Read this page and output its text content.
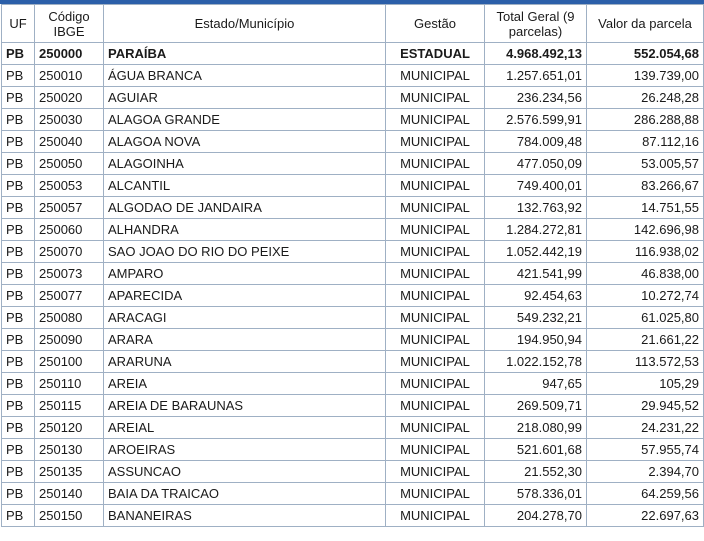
UF	Código IBGE	Estado/Município	Gestão	Total Geral (9 parcelas)	Valor da parcela
PB	250000	PARAÍBA	ESTADUAL	4.968.492,13	552.054,68
PB	250010	ÁGUA BRANCA	MUNICIPAL	1.257.651,01	139.739,00
PB	250020	AGUIAR	MUNICIPAL	236.234,56	26.248,28
PB	250030	ALAGOA GRANDE	MUNICIPAL	2.576.599,91	286.288,88
PB	250040	ALAGOA NOVA	MUNICIPAL	784.009,48	87.112,16
PB	250050	ALAGOINHA	MUNICIPAL	477.050,09	53.005,57
PB	250053	ALCANTIL	MUNICIPAL	749.400,01	83.266,67
PB	250057	ALGODAO DE JANDAIRA	MUNICIPAL	132.763,92	14.751,55
PB	250060	ALHANDRA	MUNICIPAL	1.284.272,81	142.696,98
PB	250070	SAO JOAO DO RIO DO PEIXE	MUNICIPAL	1.052.442,19	116.938,02
PB	250073	AMPARO	MUNICIPAL	421.541,99	46.838,00
PB	250077	APARECIDA	MUNICIPAL	92.454,63	10.272,74
PB	250080	ARACAGI	MUNICIPAL	549.232,21	61.025,80
PB	250090	ARARA	MUNICIPAL	194.950,94	21.661,22
PB	250100	ARARUNA	MUNICIPAL	1.022.152,78	113.572,53
PB	250110	AREIA	MUNICIPAL	947,65	105,29
PB	250115	AREIA DE BARAUNAS	MUNICIPAL	269.509,71	29.945,52
PB	250120	AREIAL	MUNICIPAL	218.080,99	24.231,22
PB	250130	AROEIRAS	MUNICIPAL	521.601,68	57.955,74
PB	250135	ASSUNCAO	MUNICIPAL	21.552,30	2.394,70
PB	250140	BAIA DA TRAICAO	MUNICIPAL	578.336,01	64.259,56
PB	250150	BANANEIRAS	MUNICIPAL	204.278,70	22.697,63
